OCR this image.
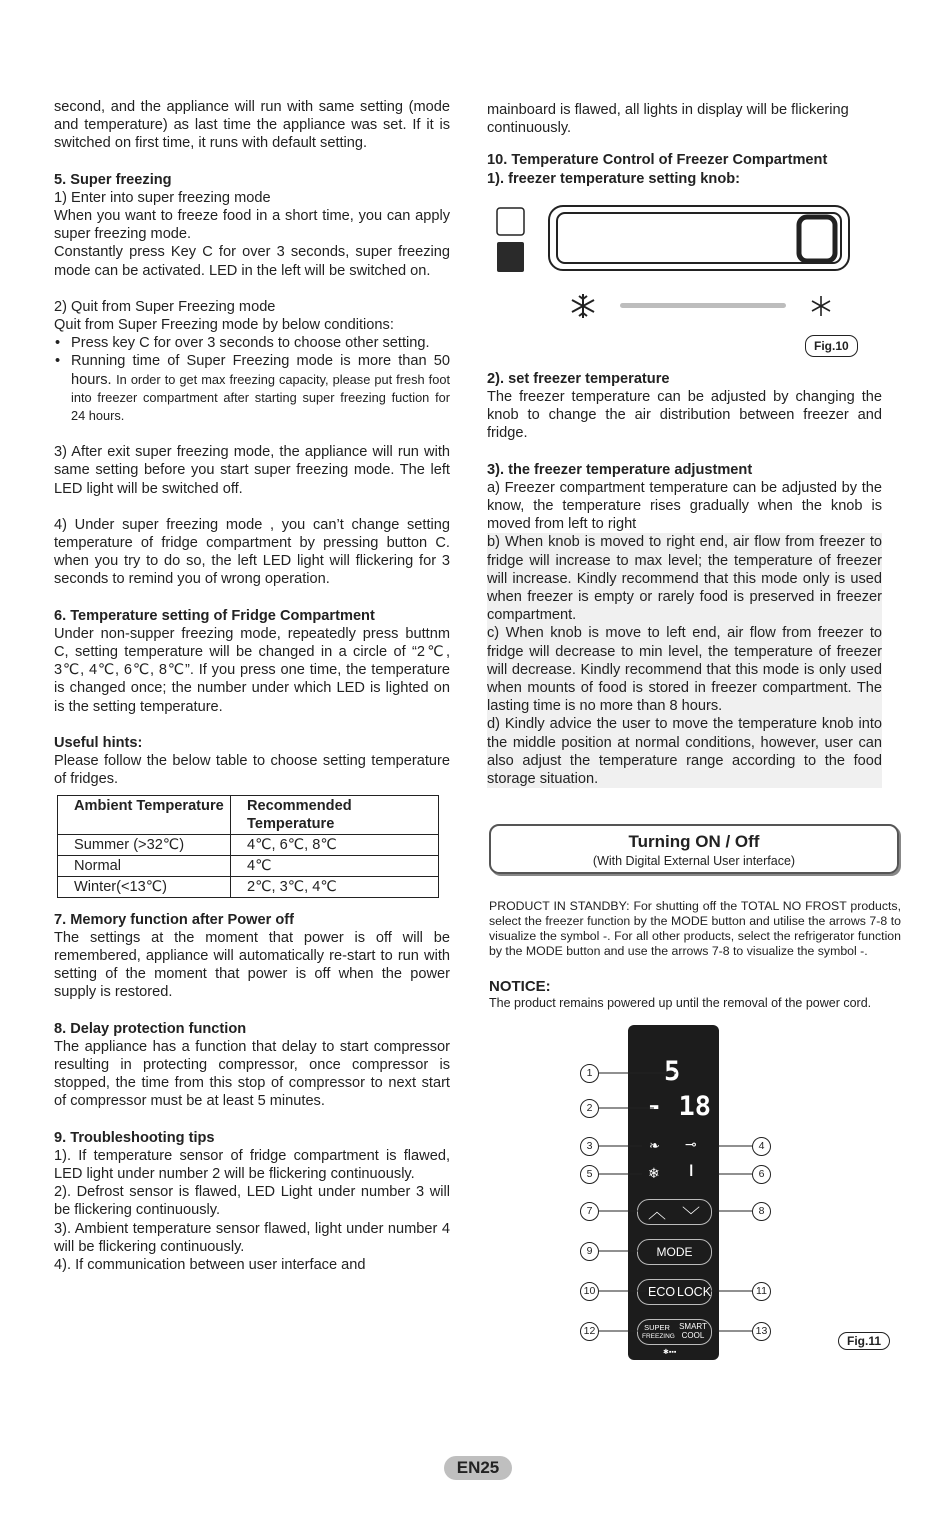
second, and the appliance will run with same setting (mode and temperature) as last time the appliance was set. If it is switched on first time, it runs with default setting.

5. Super freezing

1) Enter into super freezing mode

When you want to freeze food in a short time, you can apply super freezing mode.

Constantly press Key C for over 3 seconds, super freezing mode can be activated. LED in the left will be switched on.

2) Quit from Super Freezing mode

Quit from Super Freezing mode by below conditions:

• Press key C for over 3 seconds to choose other setting.
• Running time of Super Freezing mode is more than 50 hours. In order to get max freezing capacity, please put fresh foot into freezer compartment after starting super freezing fuction for 24 hours.

3) After exit super freezing mode, the appliance will run with same setting before you start super freezing mode. The left LED light will be switched off.

4) Under super freezing mode , you can’t change setting temperature of fridge compartment by pressing button C. when you try to do so, the left LED light will flickering for 3 seconds to remind you of wrong operation.

6. Temperature setting of Fridge Compartment

Under non-supper freezing mode, repeatedly press buttnm C, setting temperature will be changed in a circle of “2℃, 3℃, 4℃, 6℃, 8℃”. If you press one time, the temperature is changed once; the number under which LED is lighted on is the setting temperature.

Useful hints:

Please follow the below table to choose setting temperature of fridges.

Ambient Temperature	Recommended Temperature
Summer (>32℃)	4℃, 6℃, 8℃
Normal	4℃
Winter(<13℃)	2℃, 3℃, 4℃

7. Memory function after Power off

The settings at the moment that power is off will be remembered, appliance will automatically re-start to run with setting of the moment that power is off when the power supply is restored.

8. Delay protection function

The appliance has a function that delay to start compressor resulting in protecting compressor, once compressor is stopped, the time from this stop of compressor to next start of compressor must be at least 5 minutes.

9. Troubleshooting tips

1). If temperature sensor of fridge compartment is flawed, LED light under number 2 will be flickering continuously.

2). Defrost sensor is flawed, LED Light under number 3 will be flickering continuously.

3). Ambient temperature sensor flawed, light under number 4 will be flickering continuously.

4). If communication between user interface and

mainboard is flawed, all lights in display will be flickering continuously.

10. Temperature Control of Freezer Compartment

1). freezer temperature setting knob:

Fig.10

2). set freezer temperature

The freezer temperature can be adjusted by changing the knob to change the air distribution between freezer and fridge.

3). the freezer temperature adjustment

a) Freezer compartment temperature can be adjusted by the know, the temperature rises gradually when the knob is moved from left to right

b) When knob is moved to right end, air flow from freezer to fridge will increase to max level; the temperature of freezer will increase. Kindly recommend that this mode only is used when freezer is empty or rarely food is preserved in freezer compartment.

c) When knob is move to left end, air flow from freezer to fridge will decrease to min level, the temperature of freezer will decrease. Kindly recommend that this mode is only used when mounts of food is stored in freezer compartment. The lasting time is no more than 8 hours.

d) Kindly advice the user to move the temperature knob into the middle position at normal conditions, however, user can also adjust the temperature range according to the food storage situation.

Turning ON / Off
(With Digital External User interface)
PRODUCT IN STANDBY: For shutting off the TOTAL NO FROST products, select the freezer function by the MODE button and utilise the arrows 7-8 to visualize the symbol -. For all other products, select the refrigerator function by the MODE button and use the arrows 7-8 to visualize the symbol -.
NOTICE:
The product remains powered up until the removal of the power cord.
5
- 18
❧ ⊸
❄ ǀ
︿ ﹀
MODE
ECO LOCK
SUPER
FREEZING
SMART
COOL
✱▪▪▪
1
2
3	4
5	6
7	8
9
10	11
12	13
Fig.11
EN25
